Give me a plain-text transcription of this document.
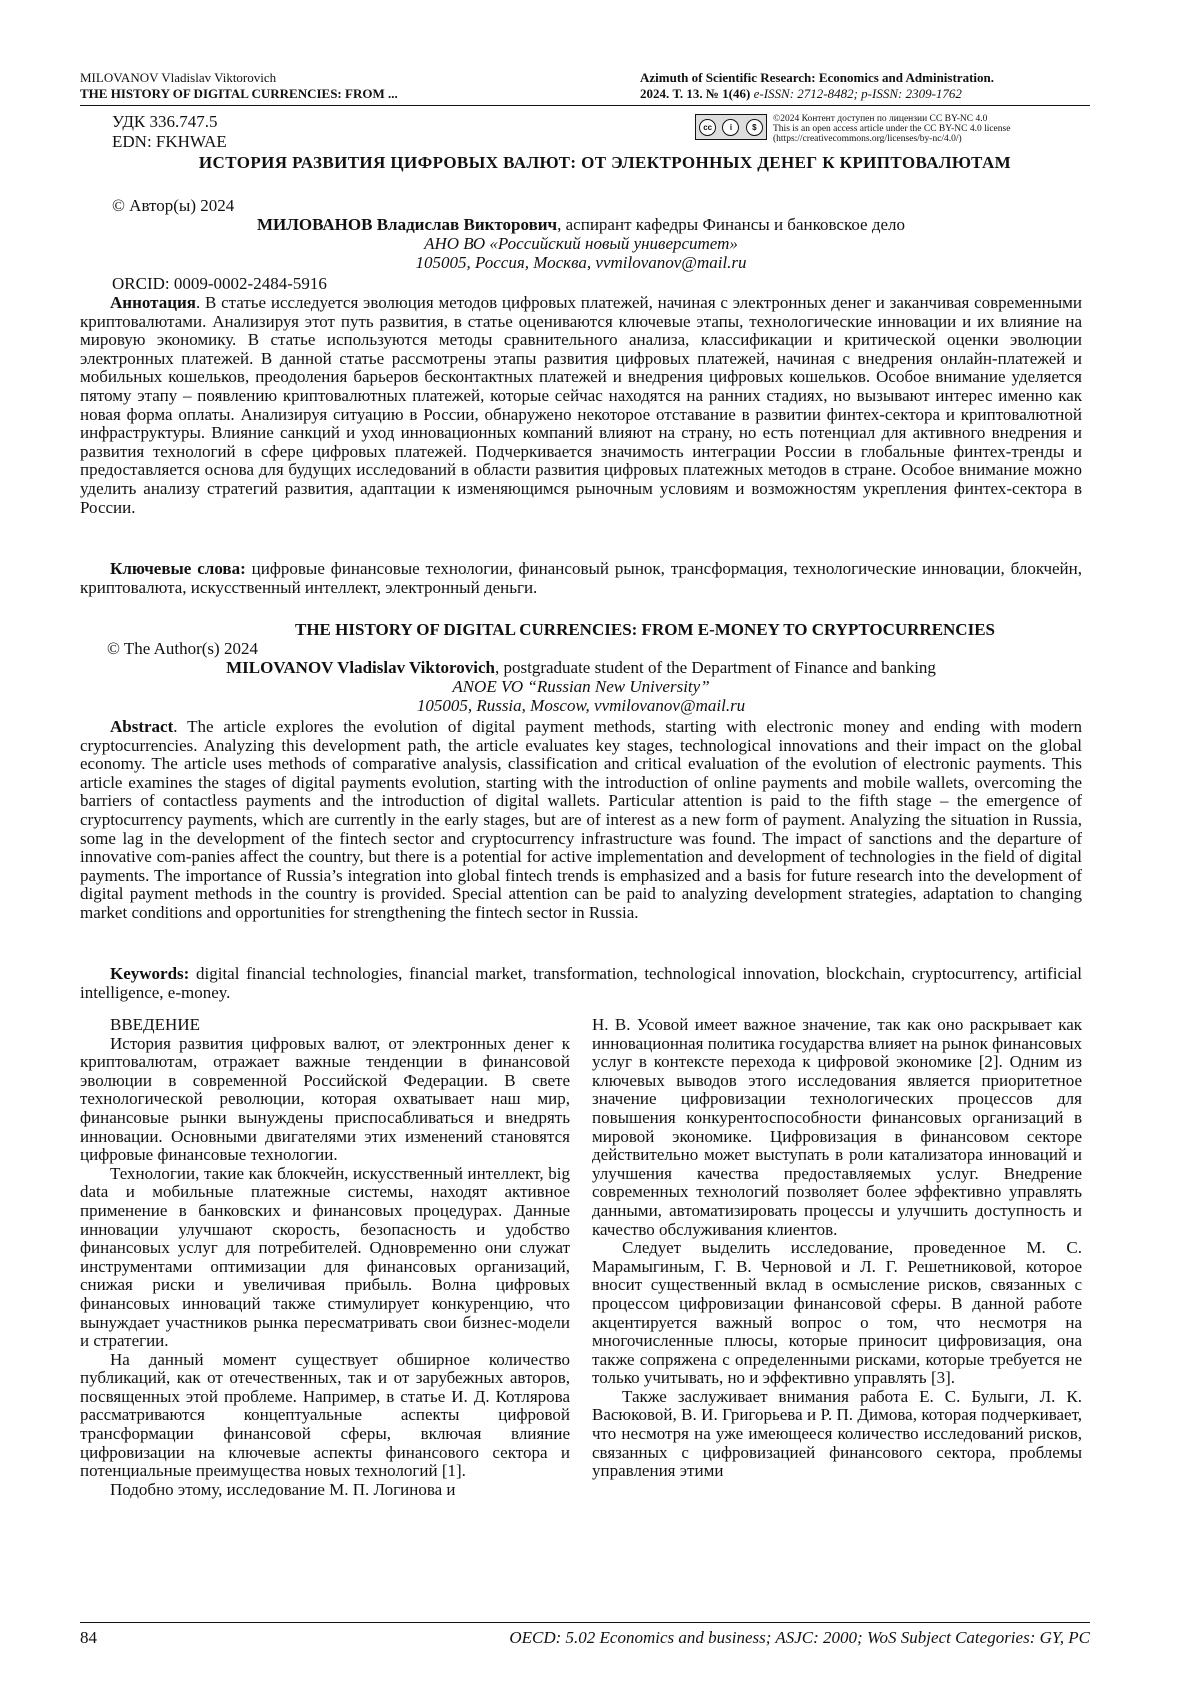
MILOVANOV Vladislav Viktorovich
THE HISTORY OF DIGITAL CURRENCIES: FROM ...
Azimuth of Scientific Research: Economics and Administration.
2024. Т. 13. № 1(46) e-ISSN: 2712-8482; p-ISSN: 2309-1762
УДК 336.747.5
EDN: FKHWAE
cc	i	$
©2024 Контент доступен по лицензии CC BY-NC 4.0
This is an open access article under the CC BY-NC 4.0 license
(https://creativecommons.org/licenses/by-nc/4.0/)
ИСТОРИЯ РАЗВИТИЯ ЦИФРОВЫХ ВАЛЮТ: ОТ ЭЛЕКТРОННЫХ ДЕНЕГ К КРИПТОВАЛЮТАМ
© Автор(ы) 2024
МИЛОВАНОВ Владислав Викторович, аспирант кафедры Финансы и банковское дело
АНО ВО «Российский новый университет»
105005, Россия, Москва, vvmilovanov@mail.ru
ORCID: 0009-0002-2484-5916
Аннотация. В статье исследуется эволюция методов цифровых платежей, начиная с электронных денег и заканчивая современными криптовалютами. Анализируя этот путь развития, в статье оцениваются ключевые этапы, технологические инновации и их влияние на мировую экономику. В статье используются методы сравнительного анализа, классификации и критической оценки эволюции электронных платежей. В данной статье рассмотрены этапы развития цифровых платежей, начиная с внедрения онлайн-платежей и мобильных кошельков, преодоления барьеров бесконтактных платежей и внедрения цифровых кошельков. Особое внимание уделяется пятому этапу – появлению криптовалютных платежей, которые сейчас находятся на ранних стадиях, но вызывают интерес именно как новая форма оплаты. Анализируя ситуацию в России, обнаружено некоторое отставание в развитии финтех-сектора и криптовалютной инфраструктуры. Влияние санкций и уход инновационных компаний влияют на страну, но есть потенциал для активного внедрения и развития технологий в сфере цифровых платежей. Подчеркивается значимость интеграции России в глобальные финтех-тренды и предоставляется основа для будущих исследований в области развития цифровых платежных методов в стране. Особое внимание можно уделить анализу стратегий развития, адаптации к изменяющимся рыночным условиям и возможностям укрепления финтех-сектора в России.
Ключевые слова: цифровые финансовые технологии, финансовый рынок, трансформация, технологические инновации, блокчейн, криптовалюта, искусственный интеллект, электронный деньги.
THE HISTORY OF DIGITAL CURRENCIES: FROM E-MONEY TO CRYPTOCURRENCIES
© The Author(s) 2024
MILOVANOV Vladislav Viktorovich, postgraduate student of the Department of Finance and banking
ANOE VO “Russian New University”
105005, Russia, Moscow, vvmilovanov@mail.ru
Abstract. The article explores the evolution of digital payment methods, starting with electronic money and ending with modern cryptocurrencies. Analyzing this development path, the article evaluates key stages, technological innovations and their impact on the global economy. The article uses methods of comparative analysis, classification and critical evaluation of the evolution of electronic payments. This article examines the stages of digital payments evolution, starting with the introduction of online payments and mobile wallets, overcoming the barriers of contactless payments and the introduction of digital wallets. Particular attention is paid to the fifth stage – the emergence of cryptocurrency payments, which are currently in the early stages, but are of interest as a new form of payment. Analyzing the situation in Russia, some lag in the development of the fintech sector and cryptocurrency infrastructure was found. The impact of sanctions and the departure of innovative com-panies affect the country, but there is a potential for active implementation and development of technologies in the field of digital payments. The importance of Russia’s integration into global fintech trends is emphasized and a basis for future research into the development of digital payment methods in the country is provided. Special attention can be paid to analyzing development strategies, adaptation to changing market conditions and opportunities for strengthening the fintech sector in Russia.
Keywords: digital financial technologies, financial market, transformation, technological innovation, blockchain, cryptocurrency, artificial intelligence, e-money.
ВВЕДЕНИЕ

История развития цифровых валют, от электронных денег к криптовалютам, отражает важные тенденции в финансовой эволюции в современной Российской Федерации. В свете технологической революции, которая охватывает наш мир, финансовые рынки вынуждены приспосабливаться и внедрять инновации. Основными двигателями этих изменений становятся цифровые финансовые технологии.

Технологии, такие как блокчейн, искусственный интеллект, big data и мобильные платежные системы, находят активное применение в банковских и финансовых процедурах. Данные инновации улучшают скорость, безопасность и удобство финансовых услуг для потребителей. Одновременно они служат инструментами оптимизации для финансовых организаций, снижая риски и увеличивая прибыль. Волна цифровых финансовых инноваций также стимулирует конкуренцию, что вынуждает участников рынка пересматривать свои бизнес-модели и стратегии.

На данный момент существует обширное количество публикаций, как от отечественных, так и от зарубежных авторов, посвященных этой проблеме. Например, в статье И. Д. Котлярова рассматриваются концептуальные аспекты цифровой трансформации финансовой сферы, включая влияние цифровизации на ключевые аспекты финансового сектора и потенциальные преимущества новых технологий [1].

Подобно этому, исследование М. П. Логинова и

Н. В. Усовой имеет важное значение, так как оно раскрывает как инновационная политика государства влияет на рынок финансовых услуг в контексте перехода к цифровой экономике [2]. Одним из ключевых выводов этого исследования является приоритетное значение цифровизации технологических процессов для повышения конкурентоспособности финансовых организаций в мировой экономике. Цифровизация в финансовом секторе действительно может выступать в роли катализатора инноваций и улучшения качества предоставляемых услуг. Внедрение современных технологий позволяет более эффективно управлять данными, автоматизировать процессы и улучшить доступность и качество обслуживания клиентов.

Следует выделить исследование, проведенное М. С. Марамыгиным, Г. В. Черновой и Л. Г. Решетниковой, которое вносит существенный вклад в осмысление рисков, связанных с процессом цифровизации финансовой сферы. В данной работе акцентируется важный вопрос о том, что несмотря на многочисленные плюсы, которые приносит цифровизация, она также сопряжена с определенными рисками, которые требуется не только учитывать, но и эффективно управлять [3].

Также заслуживает внимания работа Е. С. Булыги, Л. К. Васюковой, В. И. Григорьева и Р. П. Димова, которая подчеркивает, что несмотря на уже имеющееся количество исследований рисков, связанных с цифровизацией финансового сектора, проблемы управления этими

84	OECD: 5.02 Economics and business; ASJC: 2000; WoS Subject Categories: GY, PC
